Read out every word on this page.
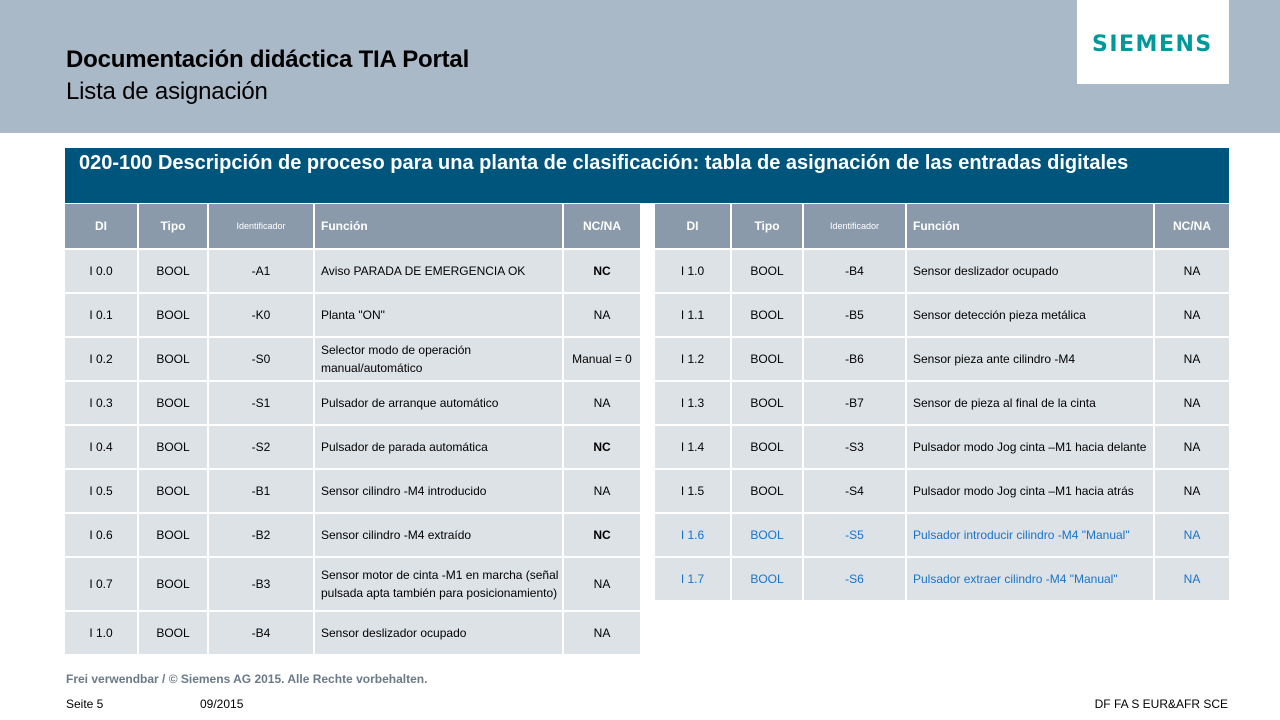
Documentación didáctica TIA Portal
Lista de asignación
SIEMENS
020-100 Descripción de proceso para una planta de clasificación: tabla de asignación de las entradas digitales
DI	Tipo	Identificador	Función	NC/NA
I 0.0	BOOL	-A1	Aviso PARADA DE EMERGENCIA OK	NC
I 0.1	BOOL	-K0	Planta "ON"	NA
I 0.2	BOOL	-S0	Selector modo de operación manual/automático	Manual = 0
I 0.3	BOOL	-S1	Pulsador de arranque automático	NA
I 0.4	BOOL	-S2	Pulsador de parada automática	NC
I 0.5	BOOL	-B1	Sensor cilindro -M4 introducido	NA
I 0.6	BOOL	-B2	Sensor cilindro -M4 extraído	NC
I 0.7	BOOL	-B3	Sensor motor de cinta -M1 en marcha (señal pulsada apta también para posicionamiento)	NA
I 1.0	BOOL	-B4	Sensor deslizador ocupado	NA
DI	Tipo	Identificador	Función	NC/NA
I 1.0	BOOL	-B4	Sensor deslizador ocupado	NA
I 1.1	BOOL	-B5	Sensor detección pieza metálica	NA
I 1.2	BOOL	-B6	Sensor pieza ante cilindro -M4	NA
I 1.3	BOOL	-B7	Sensor de pieza al final de la cinta	NA
I 1.4	BOOL	-S3	Pulsador modo Jog cinta –M1 hacia delante	NA
I 1.5	BOOL	-S4	Pulsador modo Jog cinta –M1 hacia atrás	NA
I 1.6	BOOL	-S5	Pulsador introducir cilindro -M4 "Manual"	NA
I 1.7	BOOL	-S6	Pulsador extraer cilindro -M4 "Manual"	NA
Frei verwendbar / © Siemens AG 2015. Alle Rechte vorbehalten.
Seite 5	09/2015	DF FA S EUR&AFR SCE
